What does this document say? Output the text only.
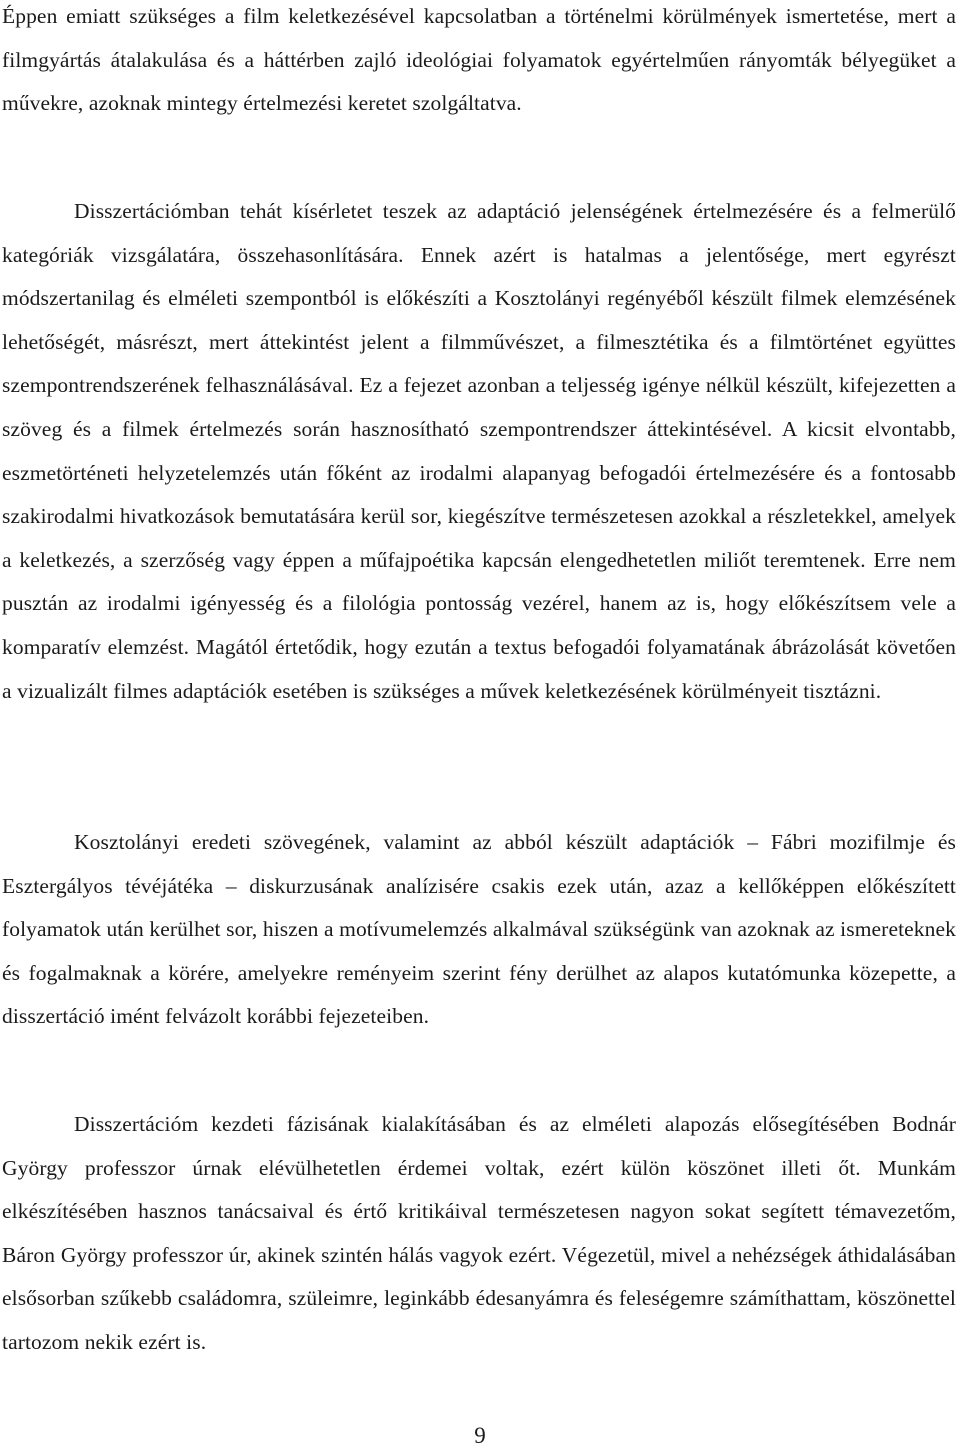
Éppen emiatt szükséges a film keletkezésével kapcsolatban a történelmi körülmények ismertetése, mert a filmgyártás átalakulása és a háttérben zajló ideológiai folyamatok egyértelműen rányomták bélyegüket a művekre, azoknak mintegy értelmezési keretet szolgáltatva.

Disszertációmban tehát kísérletet teszek az adaptáció jelenségének értelmezésére és a felmerülő kategóriák vizsgálatára, összehasonlítására. Ennek azért is hatalmas a jelentősége, mert egyrészt módszertanilag és elméleti szempontból is előkészíti a Kosztolányi regényéből készült filmek elemzésének lehetőségét, másrészt, mert áttekintést jelent a filmművészet, a filmesztétika és a filmtörténet együttes szempontrendszerének felhasználásával. Ez a fejezet azonban a teljesség igénye nélkül készült, kifejezetten a szöveg és a filmek értelmezés során hasznosítható szempontrendszer áttekintésével. A kicsit elvontabb, eszmetörténeti helyzetelemzés után főként az irodalmi alapanyag befogadói értelmezésére és a fontosabb szakirodalmi hivatkozások bemutatására kerül sor, kiegészítve természetesen azokkal a részletekkel, amelyek a keletkezés, a szerzőség vagy éppen a műfajpoétika kapcsán elengedhetetlen miliőt teremtenek. Erre nem pusztán az irodalmi igényesség és a filológia pontosság vezérel, hanem az is, hogy előkészítsem vele a komparatív elemzést. Magától értetődik, hogy ezután a textus befogadói folyamatának ábrázolását követően a vizualizált filmes adaptációk esetében is szükséges a művek keletkezésének körülményeit tisztázni.

Kosztolányi eredeti szövegének, valamint az abból készült adaptációk – Fábri mozifilmje és Esztergályos tévéjátéka – diskurzusának analízisére csakis ezek után, azaz a kellőképpen előkészített folyamatok után kerülhet sor, hiszen a motívumelemzés alkalmával szükségünk van azoknak az ismereteknek és fogalmaknak a körére, amelyekre reményeim szerint fény derülhet az alapos kutatómunka közepette, a disszertáció imént felvázolt korábbi fejezeteiben.

Disszertációm kezdeti fázisának kialakításában és az elméleti alapozás elősegítésében Bodnár György professzor úrnak elévülhetetlen érdemei voltak, ezért külön köszönet illeti őt. Munkám elkészítésében hasznos tanácsaival és értő kritikáival természetesen nagyon sokat segített témavezetőm, Báron György professzor úr, akinek szintén hálás vagyok ezért. Végezetül, mivel a nehézségek áthidalásában elsősorban szűkebb családomra, szüleimre, leginkább édesanyámra és feleségemre számíthattam, köszönettel tartozom nekik ezért is.

9
